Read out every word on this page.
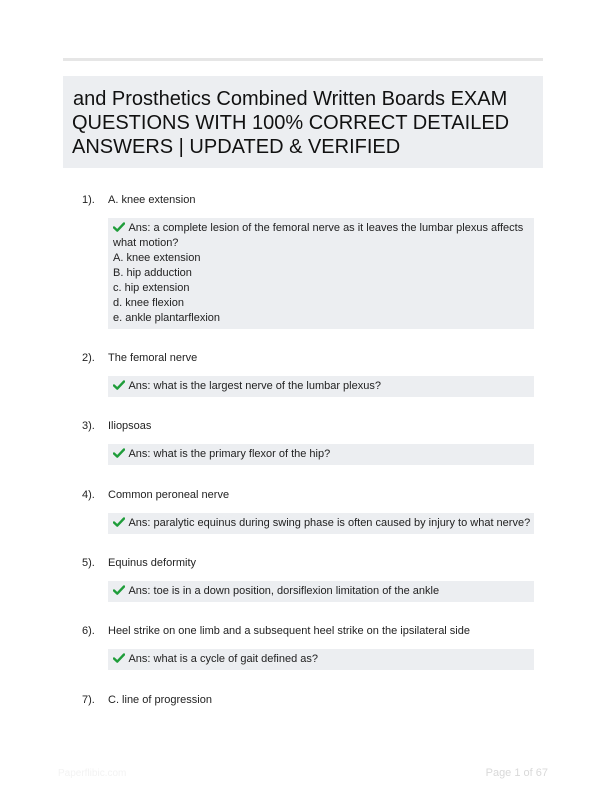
and Prosthetics Combined Written Boards EXAM
QUESTIONS WITH 100% CORRECT DETAILED
ANSWERS | UPDATED & VERIFIED
1). A. knee extension
Ans: a complete lesion of the femoral nerve as it leaves the lumbar plexus affects
what motion?
A. knee extension
B. hip adduction
c. hip extension
d. knee flexion
e. ankle plantarflexion
2). The femoral nerve
Ans: what is the largest nerve of the lumbar plexus?
3). Iliopsoas
Ans: what is the primary flexor of the hip?
4). Common peroneal nerve
Ans: paralytic equinus during swing phase is often caused by injury to what nerve?
5). Equinus deformity
Ans: toe is in a down position, dorsiflexion limitation of the ankle
6). Heel strike on one limb and a subsequent heel strike on the ipsilateral side
Ans: what is a cycle of gait defined as?
7). C. line of progression
Paperflibic.com	Page 1 of 67
